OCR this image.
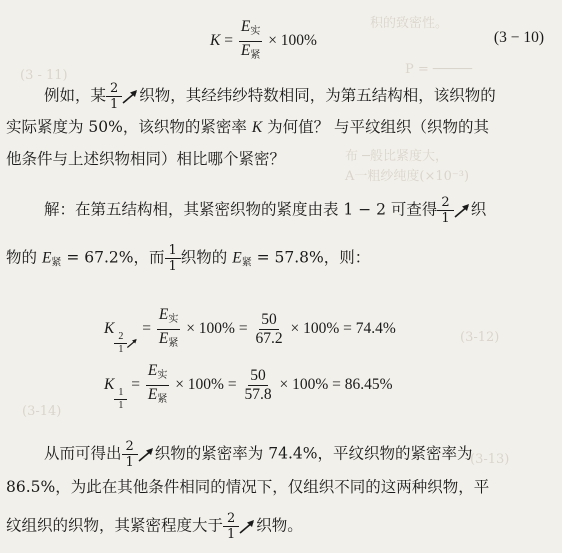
积的致密性。
P = ─────
(3 - 11)
布 ─般比紧度大，
A一粗纱纯度(×10⁻³)
(3-12)
(3-13)
(3-14)
$K = \frac{E_实}{E_紧} \times 100\%$	(3 − 10)
例如，某 2
1 织物，其经纬纱特数相同，为第五结构相，该织物的
实际紧度为 50%，该织物的紧密率 K 为何值？ 与平纹组织（织物的其
他条件与上述织物相同）相比哪个紧密？
解：在第五结构相，其紧密织物的紧度由表 1 − 2 可查得 2
1 织
物的 $E_紧 = 67.2\%$，而 1
1 织物的 $E_紧 = 57.8\%$，则：
K 2
1
= $\frac{E_实}{E_紧} \times 100\% = \frac{50}{67.2} \times 100\% = 74.4\%$
K 1
1
= $\frac{E_实}{E_紧} \times 100\% = \frac{50}{57.8} \times 100\% = 86.45\%$
从而可得出 2
1 织物的紧密率为 74.4%，平纹织物的紧密率为
86.5%，为此在其他条件相同的情况下，仅组织不同的这两种织物，平
纹组织的织物，其紧密程度大于 2
1 织物。
